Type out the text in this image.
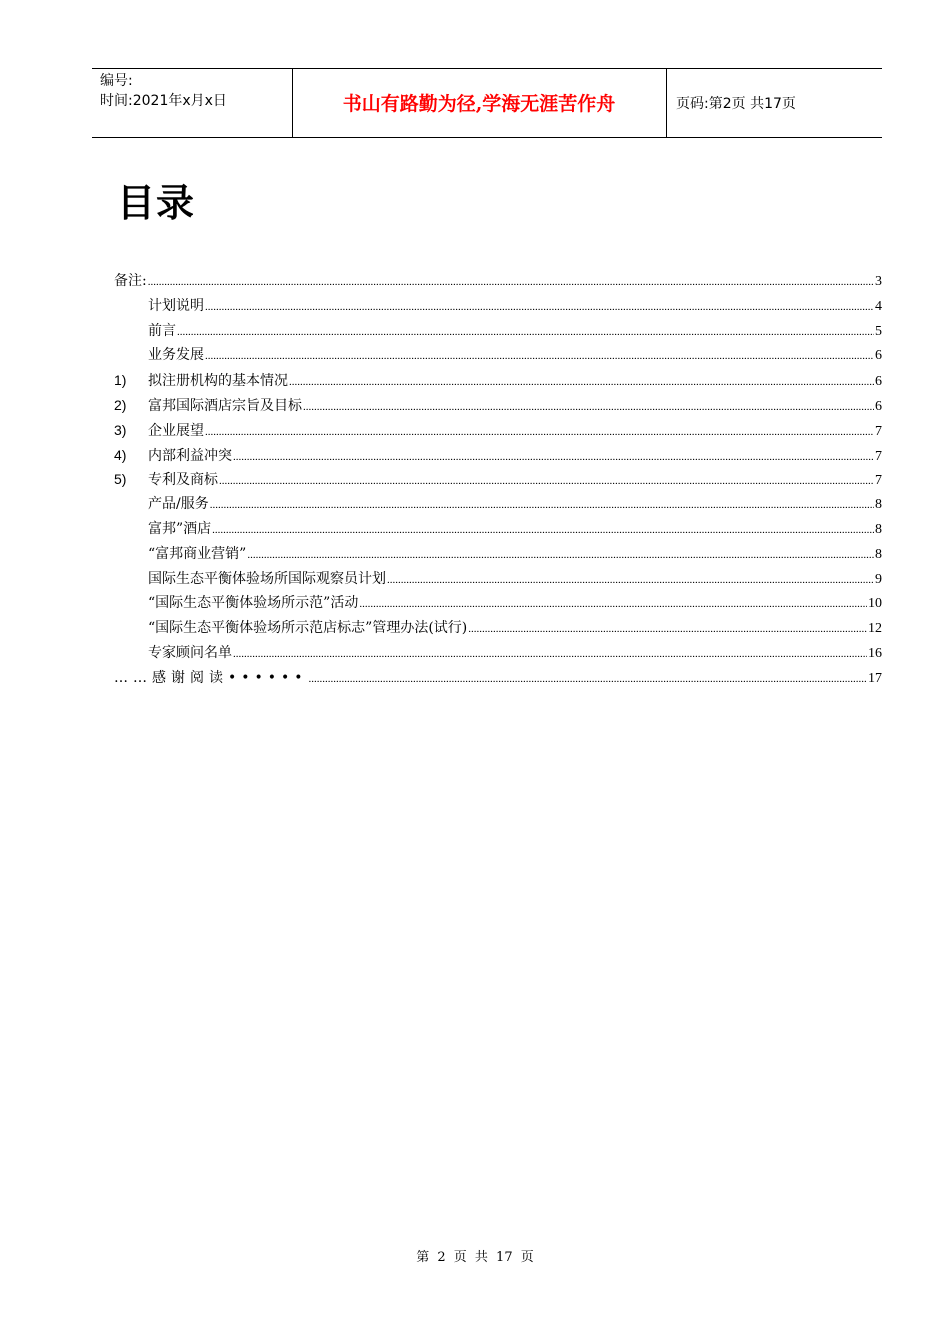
编号:
时间:2021年x月x日	书山有路勤为径,学海无涯苦作舟	页码:第2页 共17页
目录
备注: .....	3
计划说明 .....	4
前言 .....	5
业务发展 .....	6
1)	拟注册机构的基本情况 .....	6
2)	富邦国际酒店宗旨及目标 .....	6
3)	企业展望 .....	7
4)	内部利益冲突 .....	7
5)	专利及商标 .....	7
产品/服务 .....	8
富邦”酒店 .....	8
“富邦商业营销” .....	8
国际生态平衡体验场所国际观察员计划 .....	9
“国际生态平衡体验场所示范”活动 .....	10
“国际生态平衡体验场所示范店标志”管理办法(试行) .....	12
专家顾问名单 .....	16
……感谢阅读•••••• .....	17
第 2 页 共 17 页
